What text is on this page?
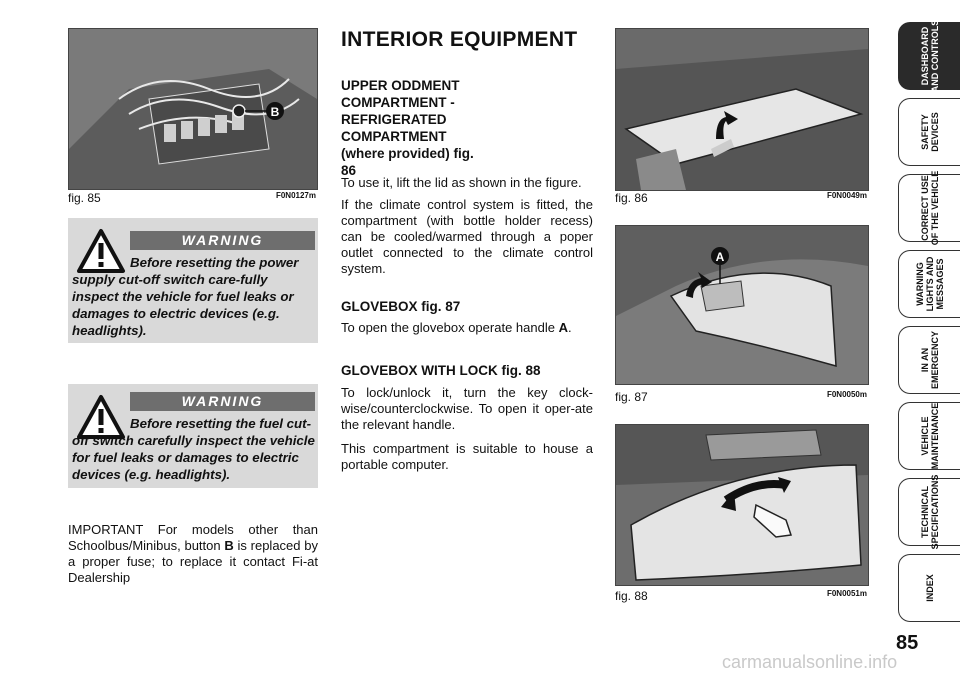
B
fig. 85	F0N0127m
WARNING
Before resetting the power supply cut-off switch care-fully inspect the vehicle for fuel leaks or damages to electric devices (e.g. headlights).
WARNING
Before resetting the fuel cut-off switch carefully inspect the vehicle for fuel leaks or damages to electric devices (e.g. headlights).
IMPORTANT For models other than Schoolbus/Minibus, button B is replaced by a proper fuse; to replace it contact Fi-at Dealership
INTERIOR EQUIPMENT
UPPER ODDMENT COMPARTMENT - REFRIGERATED COMPARTMENT (where provided) fig. 86
To use it, lift the lid as shown in the figure.
If the climate control system is fitted, the compartment (with bottle holder recess) can be cooled/warmed through a poper outlet connected to the climate control system.
GLOVEBOX fig. 87
To open the glovebox operate handle A.
GLOVEBOX WITH LOCK fig. 88
To lock/unlock it, turn the key clock-wise/counterclockwise. To open it oper-ate the relevant handle.
This compartment is suitable to house a portable computer.
fig. 86	F0N0049m
A
fig. 87	F0N0050m
fig. 88	F0N0051m
DASHBOARD
AND CONTROLS
SAFETY
DEVICES
CORRECT USE
OF THE VEHICLE
WARNING
LIGHTS AND
MESSAGES
IN AN
EMERGENCY
VEHICLE
MAINTENANCE
TECHNICAL
SPECIFICATIONS
INDEX
85
carmanualsonline.info
